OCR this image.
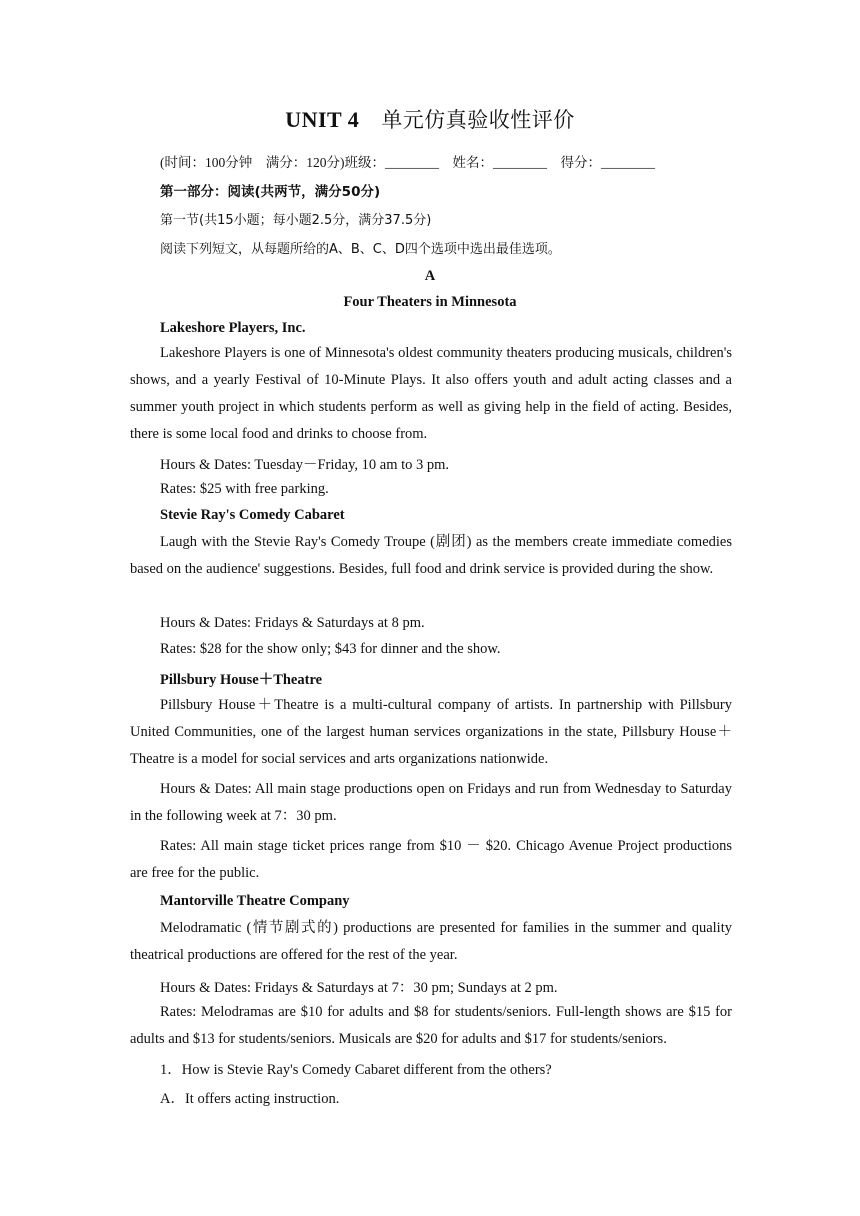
UNIT 4 单元仿真验收性评价
(时间：100分钟　满分：120分)班级：________　姓名：________　得分：________
第一部分：阅读(共两节，满分50分)
第一节(共15小题；每小题2.5分，满分37.5分)
阅读下列短文，从每题所给的A、B、C、D四个选项中选出最佳选项。
A
Four Theaters in Minnesota
Lakeshore Players, Inc.
Lakeshore Players is one of Minnesota's oldest community theaters producing musicals, children's shows, and a yearly Festival of 10-Minute Plays. It also offers youth and adult acting classes and a summer youth project in which students perform as well as giving help in the field of acting. Besides, there is some local food and drinks to choose from.
Hours & Dates: Tuesday－Friday, 10 am to 3 pm.
Rates: $25 with free parking.
Stevie Ray's Comedy Cabaret
Laugh with the Stevie Ray's Comedy Troupe (剧团) as the members create immediate comedies based on the audience' suggestions. Besides, full food and drink service is provided during the show.
Hours & Dates: Fridays & Saturdays at 8 pm.
Rates: $28 for the show only; $43 for dinner and the show.
Pillsbury House＋Theatre
Pillsbury House＋Theatre is a multi-cultural company of artists. In partnership with Pillsbury United Communities, one of the largest human services organizations in the state, Pillsbury House＋Theatre is a model for social services and arts organizations nationwide.
Hours & Dates: All main stage productions open on Fridays and run from Wednesday to Saturday in the following week at 7：30 pm.
Rates: All main stage ticket prices range from $10 － $20. Chicago Avenue Project productions are free for the public.
Mantorville Theatre Company
Melodramatic (情节剧式的) productions are presented for families in the summer and quality theatrical productions are offered for the rest of the year.
Hours & Dates: Fridays & Saturdays at 7：30 pm; Sundays at 2 pm.
Rates: Melodramas are $10 for adults and $8 for students/seniors. Full-length shows are $15 for adults and $13 for students/seniors. Musicals are $20 for adults and $17 for students/seniors.
1．How is Stevie Ray's Comedy Cabaret different from the others?
A．It offers acting instruction.
